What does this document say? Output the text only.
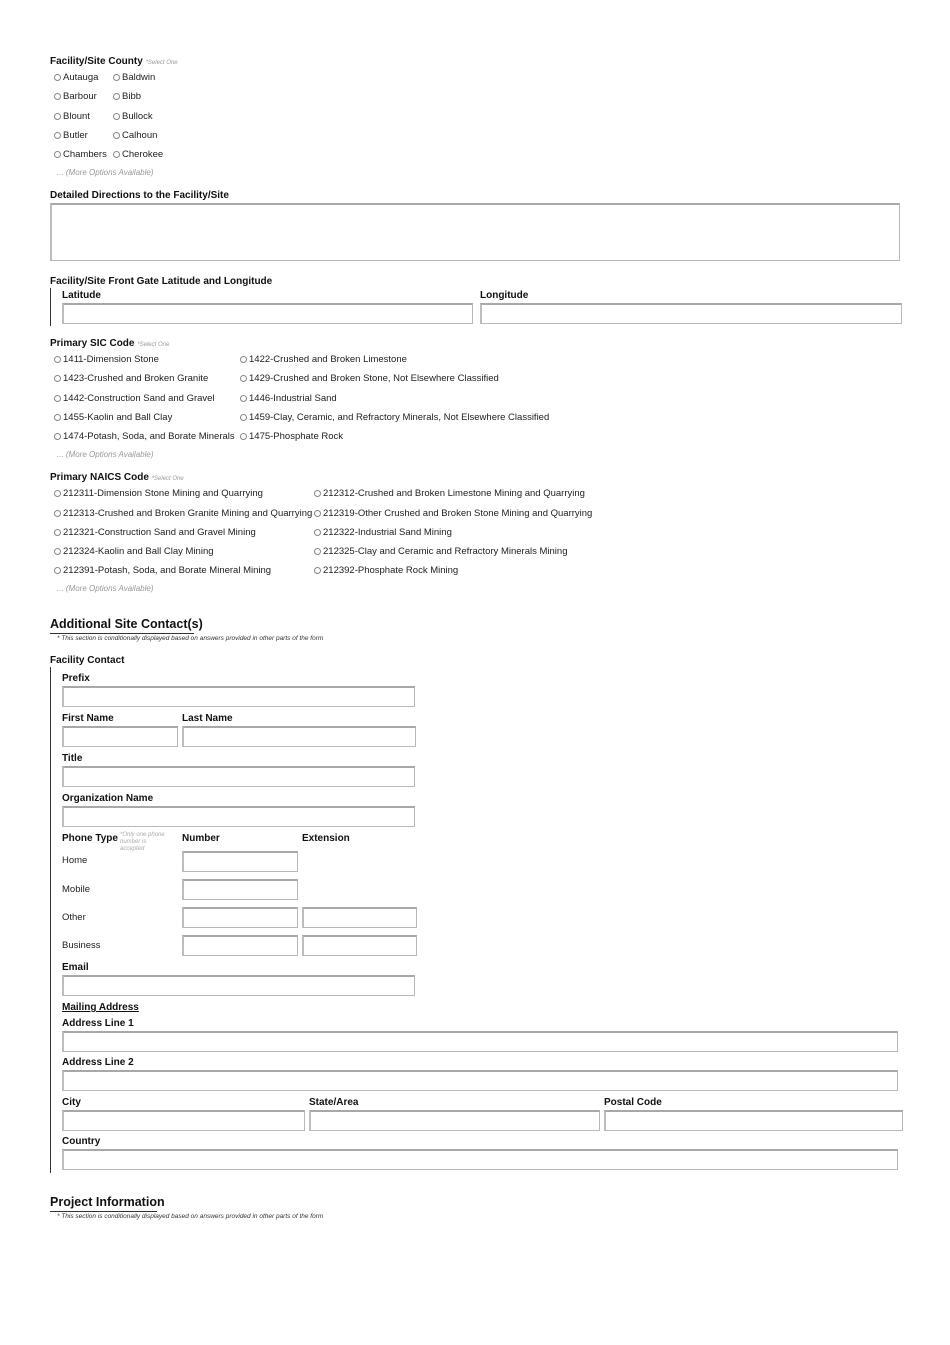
Facility/Site County *Select One
Autauga Baldwin
Barbour	Bibb
Blount	Bullock
Butler	Calhoun
Chambers Cherokee
... (More Options Available)
Detailed Directions to the Facility/Site
Facility/Site Front Gate Latitude and Longitude
Latitude	Longitude
Primary SIC Code *Select One
1411-Dimension Stone	1422-Crushed and Broken Limestone
1423-Crushed and Broken Granite	1429-Crushed and Broken Stone, Not Elsewhere Classified
1442-Construction Sand and Gravel	1446-Industrial Sand
1455-Kaolin and Ball Clay	1459-Clay, Ceramic, and Refractory Minerals, Not Elsewhere Classified
1474-Potash, Soda, and Borate Minerals 1475-Phosphate Rock
... (More Options Available)
Primary NAICS Code *Select One
212311-Dimension Stone Mining and Quarrying	212312-Crushed and Broken Limestone Mining and Quarrying
212313-Crushed and Broken Granite Mining and Quarrying 212319-Other Crushed and Broken Stone Mining and Quarrying
212321-Construction Sand and Gravel Mining	212322-Industrial Sand Mining
212324-Kaolin and Ball Clay Mining	212325-Clay and Ceramic and Refractory Minerals Mining
212391-Potash, Soda, and Borate Mineral Mining	212392-Phosphate Rock Mining
... (More Options Available)
Additional Site Contact(s)
* This section is conditionally displayed based on answers provided in other parts of the form
Facility Contact
Prefix
First Name	Last Name
Title
Organization Name
Phone Type *Only one phone number is accepted
Number	Extension
Home
Mobile
Other
Business
Email
Mailing Address
Address Line 1
Address Line 2
City	State/Area	Postal Code
Country
Project Information
* This section is conditionally displayed based on answers provided in other parts of the form
